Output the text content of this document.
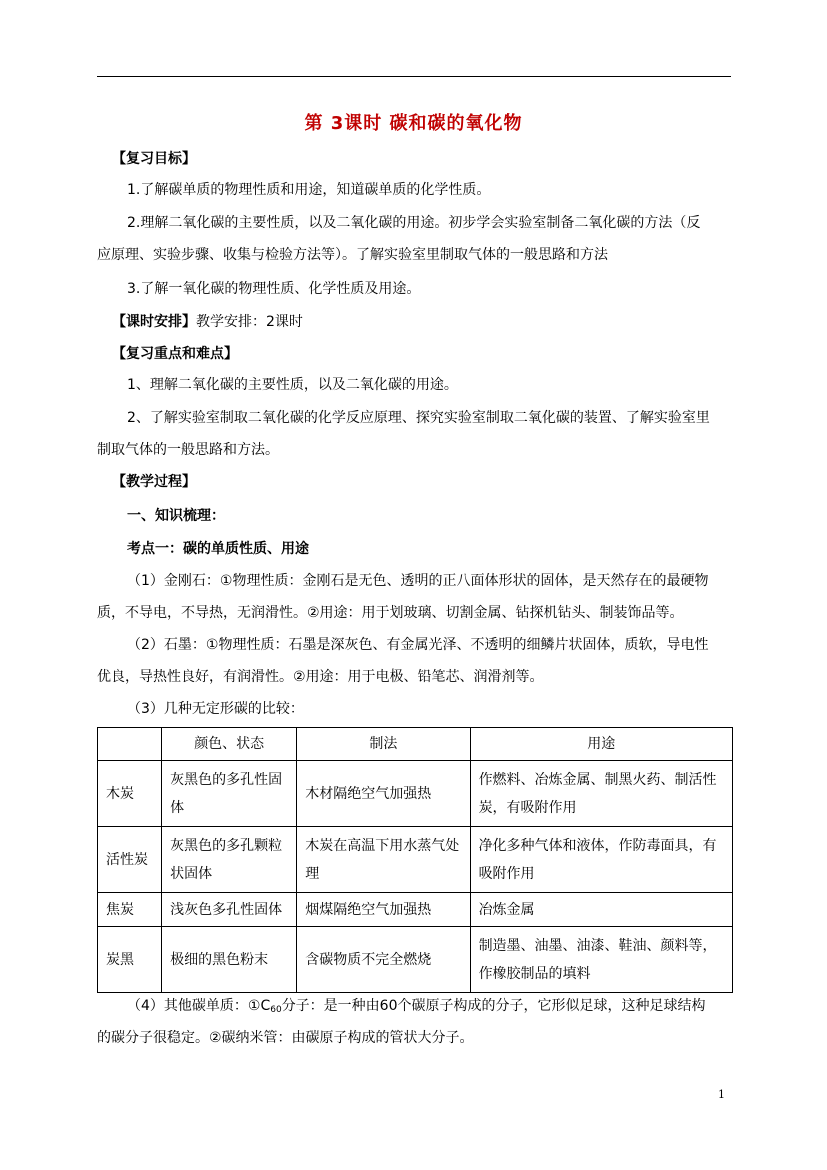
第 3课时 碳和碳的氧化物
【复习目标】
1.了解碳单质的物理性质和用途，知道碳单质的化学性质。
2.理解二氧化碳的主要性质，以及二氧化碳的用途。初步学会实验室制备二氧化碳的方法（反
应原理、实验步骤、收集与检验方法等）。了解实验室里制取气体的一般思路和方法
3.了解一氧化碳的物理性质、化学性质及用途。
【课时安排】教学安排：2课时
【复习重点和难点】
1、理解二氧化碳的主要性质，以及二氧化碳的用途。
2、了解实验室制取二氧化碳的化学反应原理、探究实验室制取二氧化碳的装置、了解实验室里
制取气体的一般思路和方法。
【教学过程】
一、知识梳理：
考点一：碳的单质性质、用途
（1）金刚石：①物理性质：金刚石是无色、透明的正八面体形状的固体，是天然存在的最硬物
质，不导电，不导热，无润滑性。②用途：用于划玻璃、切割金属、钻探机钻头、制装饰品等。
（2）石墨：①物理性质：石墨是深灰色、有金属光泽、不透明的细鳞片状固体，质软，导电性
优良，导热性良好，有润滑性。②用途：用于电极、铅笔芯、润滑剂等。
（3）几种无定形碳的比较：
	颜色、状态	制法	用途
木炭	灰黑色的多孔性固体	木材隔绝空气加强热	作燃料、冶炼金属、制黑火药、制活性炭，有吸附作用
活性炭	灰黑色的多孔颗粒状固体	木炭在高温下用水蒸气处理	净化多种气体和液体，作防毒面具，有吸附作用
焦炭	浅灰色多孔性固体	烟煤隔绝空气加强热	冶炼金属
炭黑	极细的黑色粉末	含碳物质不完全燃烧	制造墨、油墨、油漆、鞋油、颜料等，作橡胶制品的填料
（4）其他碳单质：$①C_{60}$分子：是一种由60个碳原子构成的分子，它形似足球，这种足球结构
的碳分子很稳定。②碳纳米管：由碳原子构成的管状大分子。
1
